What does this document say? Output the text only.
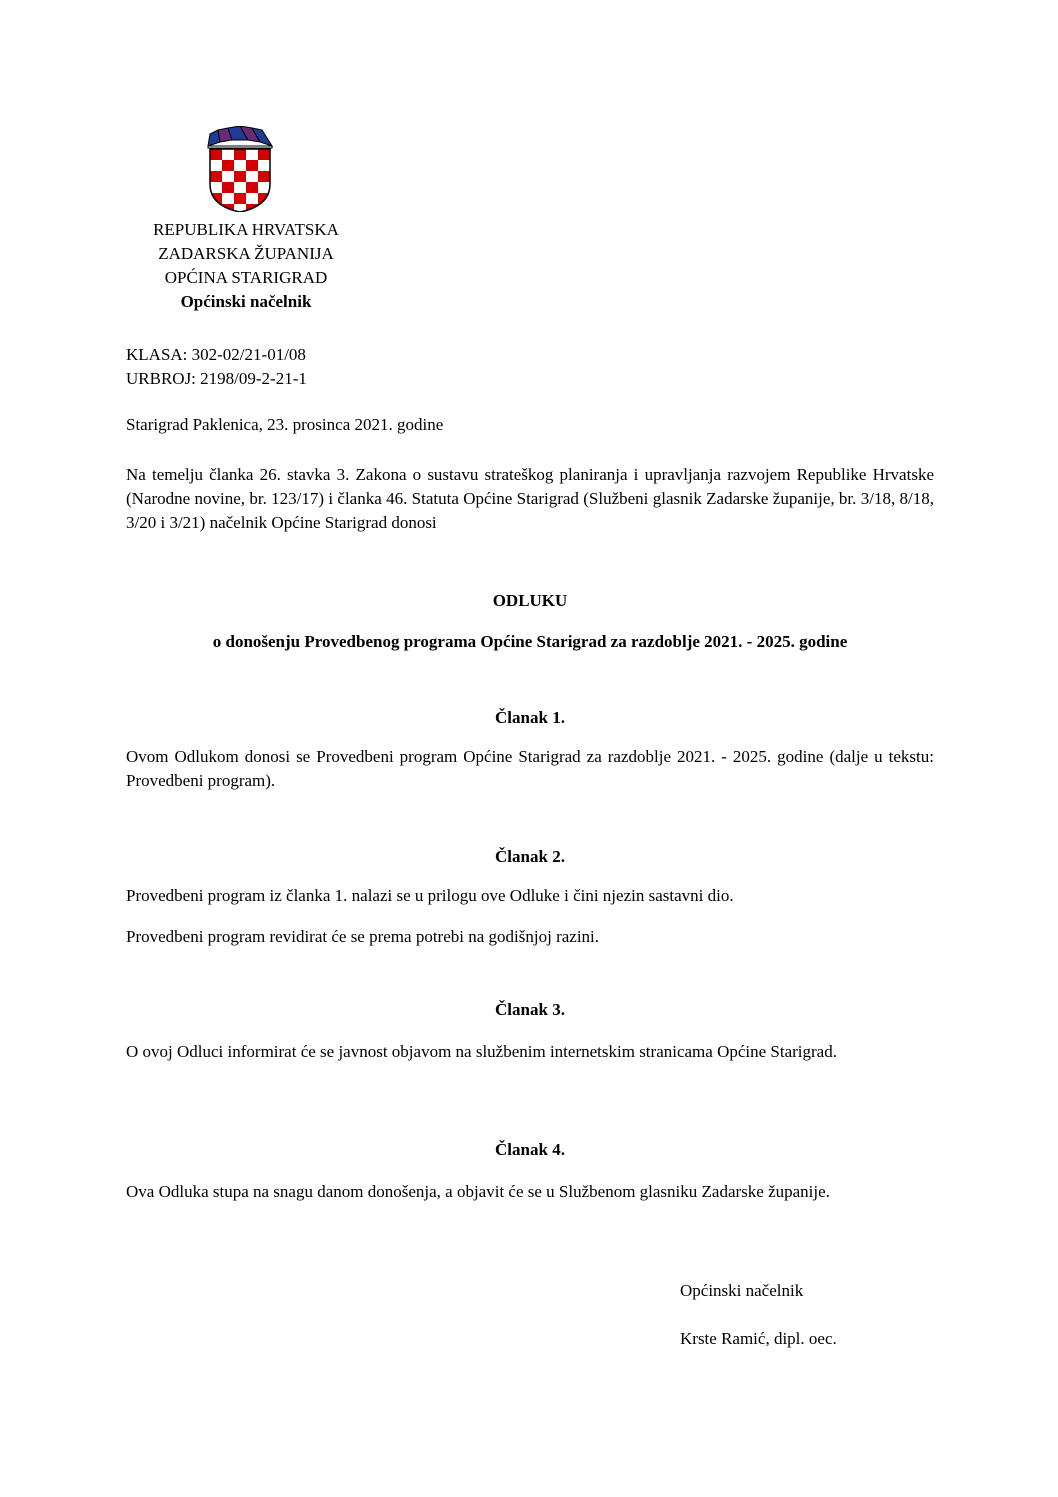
REPUBLIKA HRVATSKA
ZADARSKA ŽUPANIJA
OPĆINA STARIGRAD
Općinski načelnik
KLASA: 302-02/21-01/08
URBROJ: 2198/09-2-21-1
Starigrad Paklenica, 23. prosinca 2021. godine
Na temelju članka 26. stavka 3. Zakona o sustavu strateškog planiranja i upravljanja razvojem Republike Hrvatske (Narodne novine, br. 123/17) i članka 46. Statuta Općine Starigrad (Službeni glasnik Zadarske županije, br. 3/18, 8/18, 3/20 i 3/21) načelnik Općine Starigrad donosi
ODLUKU
o donošenju Provedbenog programa Općine Starigrad za razdoblje 2021. - 2025. godine
Članak 1.
Ovom Odlukom donosi se Provedbeni program Općine Starigrad za razdoblje 2021. - 2025. godine (dalje u tekstu: Provedbeni program).
Članak 2.
Provedbeni program iz članka 1. nalazi se u prilogu ove Odluke i čini njezin sastavni dio.
Provedbeni program revidirat će se prema potrebi na godišnjoj razini.
Članak 3.
O ovoj Odluci informirat će se javnost objavom na službenim internetskim stranicama Općine Starigrad.
Članak 4.
Ova Odluka stupa na snagu danom donošenja, a objavit će se u Službenom glasniku Zadarske županije.
Općinski načelnik
Krste Ramić, dipl. oec.
